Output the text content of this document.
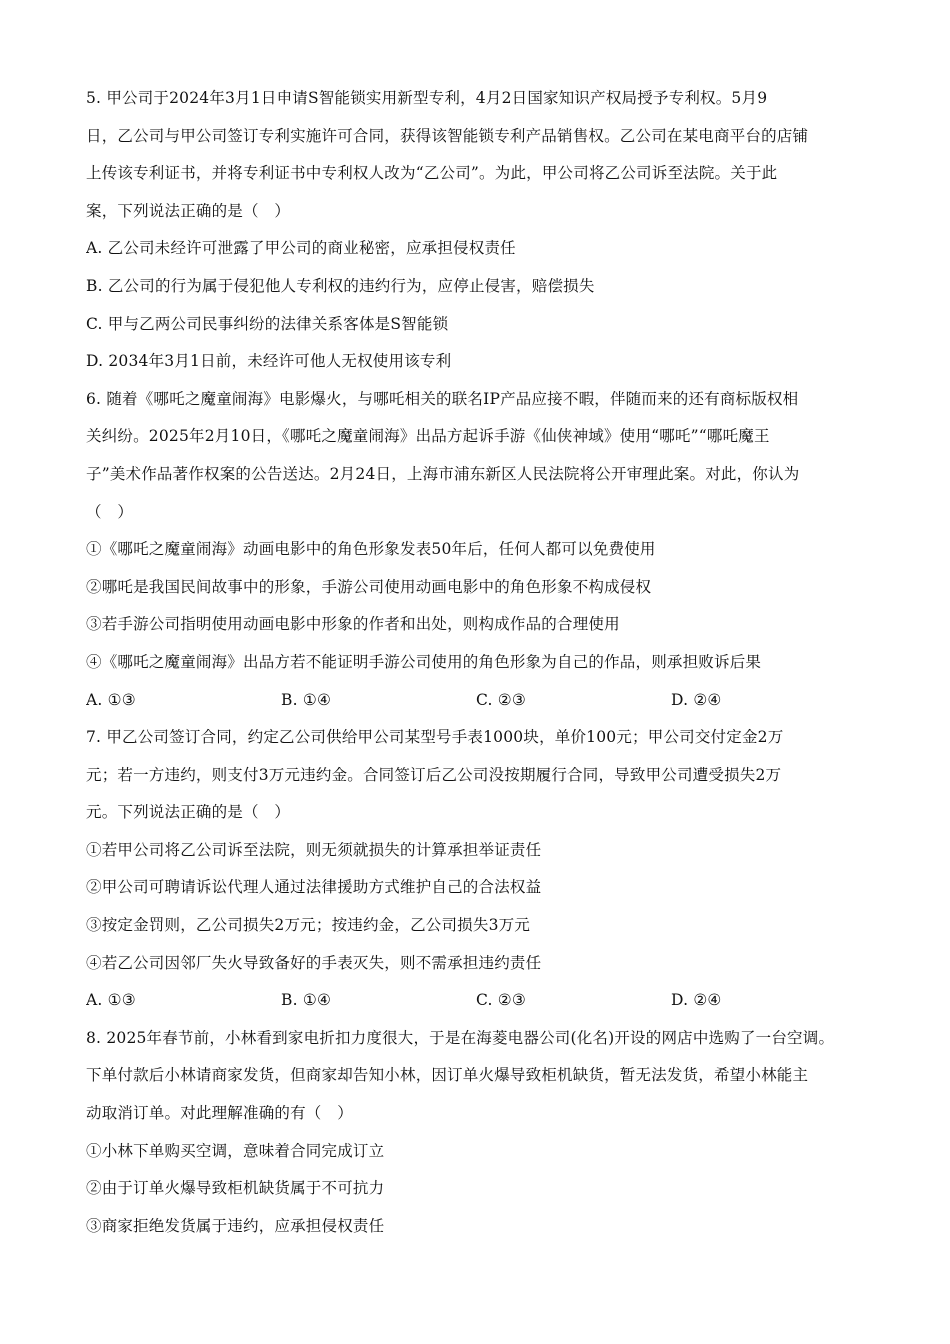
5. 甲公司于2024年3月1日申请S智能锁实用新型专利，4月2日国家知识产权局授予专利权。5月9
日，乙公司与甲公司签订专利实施许可合同，获得该智能锁专利产品销售权。乙公司在某电商平台的店铺
上传该专利证书，并将专利证书中专利权人改为“乙公司”。为此，甲公司将乙公司诉至法院。关于此
案，下列说法正确的是（　）
A. 乙公司未经许可泄露了甲公司的商业秘密，应承担侵权责任
B. 乙公司的行为属于侵犯他人专利权的违约行为，应停止侵害，赔偿损失
C. 甲与乙两公司民事纠纷的法律关系客体是S智能锁
D. 2034年3月1日前，未经许可他人无权使用该专利
6. 随着《哪吒之魔童闹海》电影爆火，与哪吒相关的联名IP产品应接不暇，伴随而来的还有商标版权相
关纠纷。2025年2月10日，《哪吒之魔童闹海》出品方起诉手游《仙侠神域》使用“哪吒”“哪吒魔王
子”美术作品著作权案的公告送达。2月24日，上海市浦东新区人民法院将公开审理此案。对此，你认为
（　）
①《哪吒之魔童闹海》动画电影中的角色形象发表50年后，任何人都可以免费使用
②哪吒是我国民间故事中的形象，手游公司使用动画电影中的角色形象不构成侵权
③若手游公司指明使用动画电影中形象的作者和出处，则构成作品的合理使用
④《哪吒之魔童闹海》出品方若不能证明手游公司使用的角色形象为自己的作品，则承担败诉后果
A. ①③	B. ①④	C. ②③	D. ②④
7. 甲乙公司签订合同，约定乙公司供给甲公司某型号手表1000块，单价100元；甲公司交付定金2万
元；若一方违约，则支付3万元违约金。合同签订后乙公司没按期履行合同，导致甲公司遭受损失2万
元。下列说法正确的是（　）
①若甲公司将乙公司诉至法院，则无须就损失的计算承担举证责任
②甲公司可聘请诉讼代理人通过法律援助方式维护自己的合法权益
③按定金罚则，乙公司损失2万元；按违约金，乙公司损失3万元
④若乙公司因邻厂失火导致备好的手表灭失，则不需承担违约责任
A. ①③	B. ①④	C. ②③	D. ②④
8. 2025年春节前，小林看到家电折扣力度很大，于是在海菱电器公司(化名)开设的网店中选购了一台空调。
下单付款后小林请商家发货，但商家却告知小林，因订单火爆导致柜机缺货，暂无法发货，希望小林能主
动取消订单。对此理解准确的有（　）
①小林下单购买空调，意味着合同完成订立
②由于订单火爆导致柜机缺货属于不可抗力
③商家拒绝发货属于违约，应承担侵权责任
